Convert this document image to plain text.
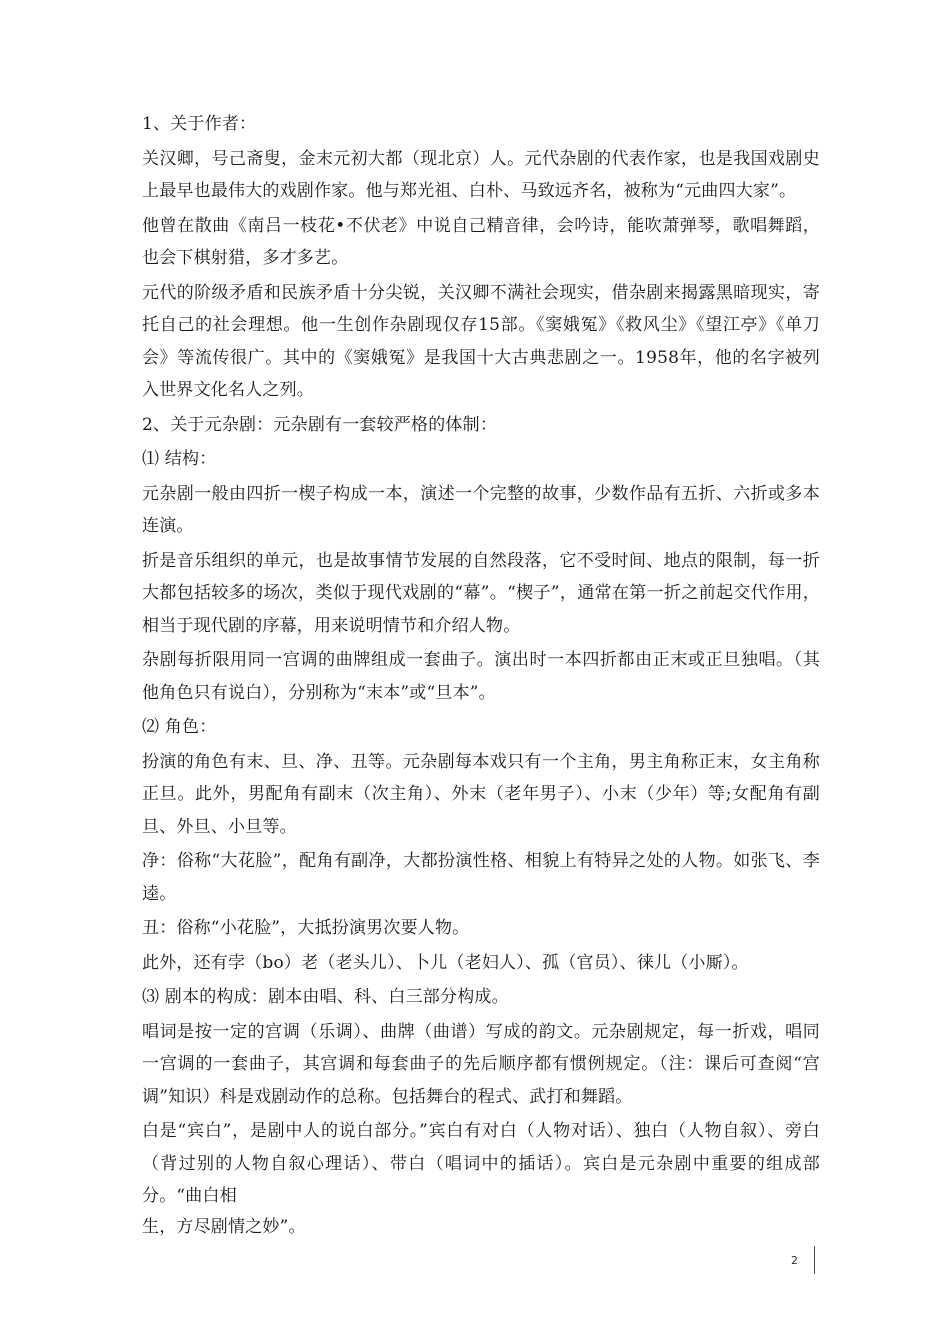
1、关于作者：

关汉卿，号己斋叟，金末元初大都（现北京）人。元代杂剧的代表作家，也是我国戏剧史上最早也最伟大的戏剧作家。他与郑光祖、白朴、马致远齐名，被称为“元曲四大家”。

他曾在散曲《南吕一枝花•不伏老》中说自己精音律，会吟诗，能吹萧弹琴，歌唱舞蹈，也会下棋射猎，多才多艺。

元代的阶级矛盾和民族矛盾十分尖锐，关汉卿不满社会现实，借杂剧来揭露黑暗现实，寄托自己的社会理想。他一生创作杂剧现仅存15部。《窦娥冤》《救风尘》《望江亭》《单刀会》等流传很广。其中的《窦娥冤》是我国十大古典悲剧之一。1958年，他的名字被列入世界文化名人之列。

2、关于元杂剧：元杂剧有一套较严格的体制：

⑴ 结构：

元杂剧一般由四折一楔子构成一本，演述一个完整的故事，少数作品有五折、六折或多本连演。

折是音乐组织的单元，也是故事情节发展的自然段落，它不受时间、地点的限制，每一折大都包括较多的场次，类似于现代戏剧的“幕”。“楔子”，通常在第一折之前起交代作用，相当于现代剧的序幕，用来说明情节和介绍人物。

杂剧每折限用同一宫调的曲牌组成一套曲子。演出时一本四折都由正末或正旦独唱。（其他角色只有说白），分别称为“末本”或“旦本”。

⑵ 角色：

扮演的角色有末、旦、净、丑等。元杂剧每本戏只有一个主角，男主角称正末，女主角称正旦。此外，男配角有副末（次主角）、外末（老年男子）、小末（少年）等;女配角有副旦、外旦、小旦等。

净：俗称“大花脸”，配角有副净，大都扮演性格、相貌上有特异之处的人物。如张飞、李逵。

丑：俗称“小花脸”，大抵扮演男次要人物。

此外，还有孛（bo）老（老头儿）、卜儿（老妇人）、孤（官员）、徕儿（小厮）。

⑶ 剧本的构成：剧本由唱、科、白三部分构成。

唱词是按一定的宫调（乐调）、曲牌（曲谱）写成的韵文。元杂剧规定，每一折戏，唱同一宫调的一套曲子，其宫调和每套曲子的先后顺序都有惯例规定。（注：课后可查阅“宫调”知识）科是戏剧动作的总称。包括舞台的程式、武打和舞蹈。

白是“宾白”，是剧中人的说白部分。”宾白有对白（人物对话）、独白（人物自叙）、旁白（背过别的人物自叙心理话）、带白（唱词中的插话）。宾白是元杂剧中重要的组成部分。“曲白相

生，方尽剧情之妙”。

2
